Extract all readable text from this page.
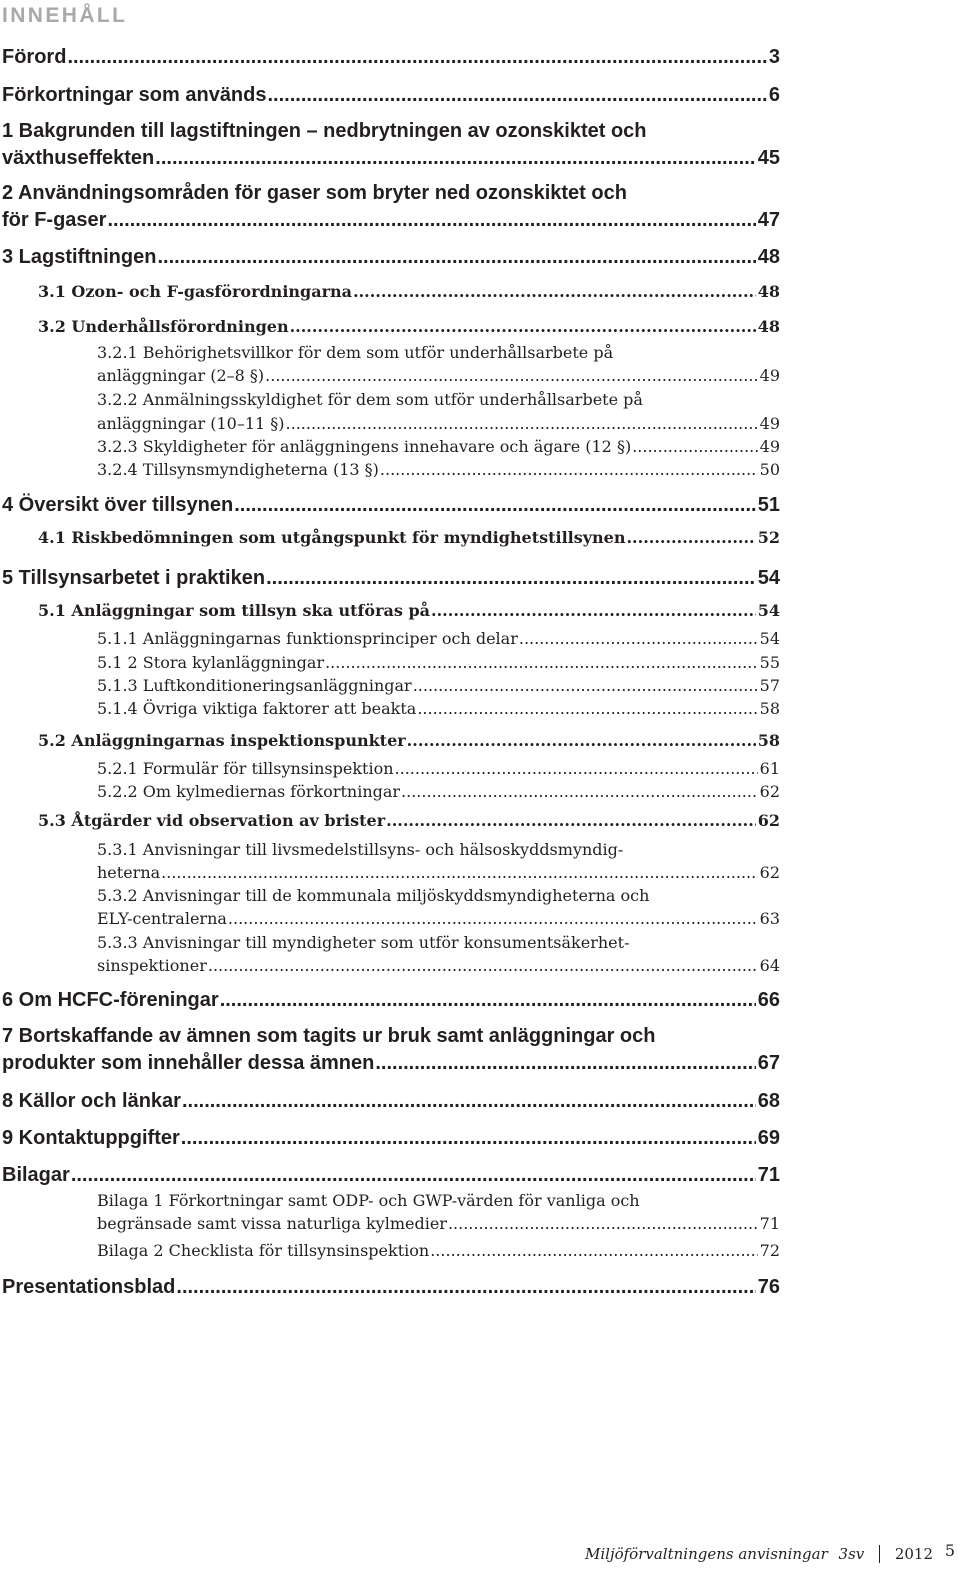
INNEHÅLL
Förord .....	3
Förkortningar som används .....	6
1 Bakgrunden till lagstiftningen – nedbrytningen av ozonskiktet och
växthuseffekten .....	45
2 Användningsområden för gaser som bryter ned ozonskiktet och
för F-gaser .....	47
3 Lagstiftningen .....	48
3.1 Ozon- och F-gasförordningarna .....	48
3.2 Underhållsförordningen .....	48
3.2.1 Behörighetsvillkor för dem som utför underhållsarbete på
anläggningar (2–8 §) .....	49
3.2.2 Anmälningsskyldighet för dem som utför underhållsarbete på
anläggningar (10–11 §) .....	49
3.2.3 Skyldigheter för anläggningens innehavare och ägare (12 §) .....	49
3.2.4 Tillsynsmyndigheterna (13 §) .....	50
4 Översikt över tillsynen .....	51
4.1 Riskbedömningen som utgångspunkt för myndighetstillsynen .....	52
5 Tillsynsarbetet i praktiken .....	54
5.1 Anläggningar som tillsyn ska utföras på .....	54
5.1.1 Anläggningarnas funktionsprinciper och delar .....	54
5.1 2 Stora kylanläggningar .....	55
5.1.3 Luftkonditioneringsanläggningar .....	57
5.1.4 Övriga viktiga faktorer att beakta .....	58
5.2 Anläggningarnas inspektionspunkter .....	58
5.2.1 Formulär för tillsynsinspektion .....	61
5.2.2 Om kylmediernas förkortningar .....	62
5.3 Åtgärder vid observation av brister .....	62
5.3.1 Anvisningar till livsmedelstillsyns- och hälsoskyddsmyndig-
heterna .....	62
5.3.2 Anvisningar till de kommunala miljöskyddsmyndigheterna och
ELY-centralerna .....	63
5.3.3 Anvisningar till myndigheter som utför konsumentsäkerhet-
sinspektioner .....	64
6 Om HCFC-föreningar .....	66
7 Bortskaffande av ämnen som tagits ur bruk samt anläggningar och
produkter som innehåller dessa ämnen .....	67
8 Källor och länkar .....	68
9 Kontaktuppgifter .....	69
Bilagar .....	71
Bilaga 1 Förkortningar samt ODP- och GWP-värden för vanliga och
begränsade samt vissa naturliga kylmedier .....	71
Bilaga 2 Checklista för tillsynsinspektion .....	72
Presentationsblad .....	76
Miljöförvaltningens anvisningar 3sv 2012 5
